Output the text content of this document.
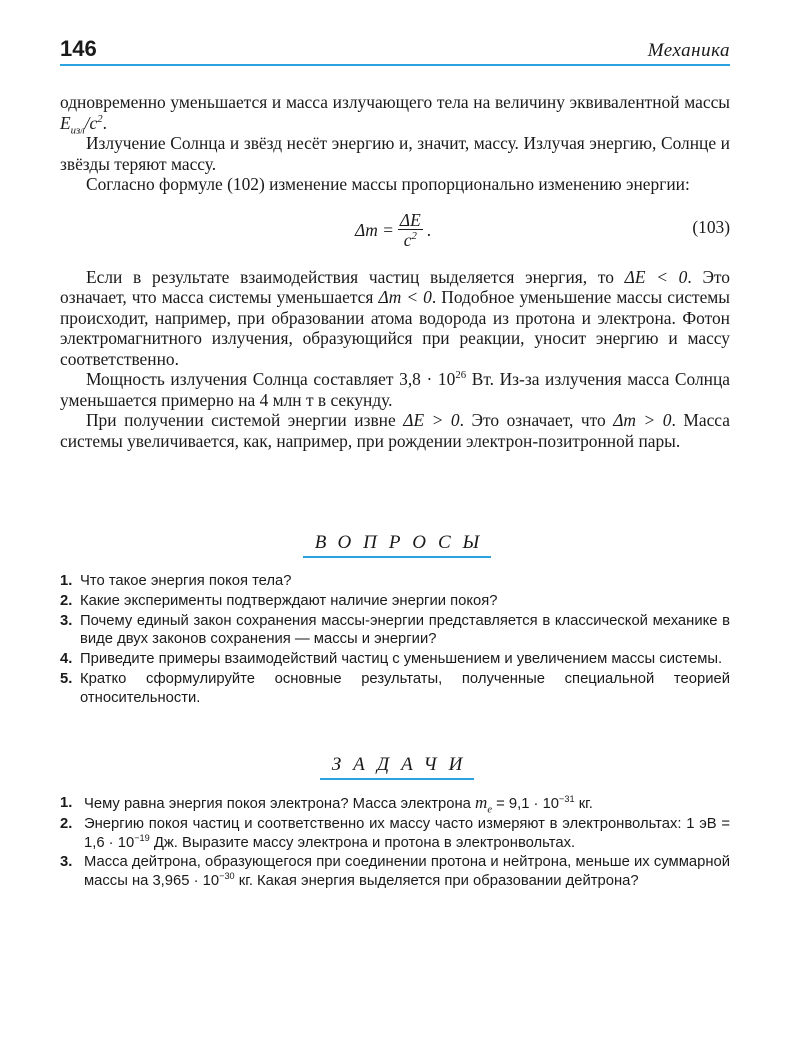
146	Механика

одновременно уменьшается и масса излучающего тела на величину эквивалентной массы $E_{изл}/c^2$.

Излучение Солнца и звёзд несёт энергию и, значит, массу. Излучая энергию, Солнце и звёзды теряют массу.

Согласно формуле (102) изменение массы пропорционально изменению энергии:

$\Delta m = \frac{\Delta E}{c^2}$ .	(103)

Если в результате взаимодействия частиц выделяется энергия, то ΔE < 0. Это означает, что масса системы уменьшается Δm < 0. Подобное уменьшение массы системы происходит, например, при образовании атома водорода из протона и электрона. Фотон электромагнитного излучения, образующийся при реакции, уносит энергию и массу соответственно.

Мощность излучения Солнца составляет $3,8 \cdot 10^{26}$ Вт. Из-за излучения масса Солнца уменьшается примерно на 4 млн т в секунду.

При получении системой энергии извне ΔE > 0. Это означает, что Δm > 0. Масса системы увеличивается, как, например, при рождении электрон-позитронной пары.

ВОПРОСЫ
1. Что такое энергия покоя тела?
2. Какие эксперименты подтверждают наличие энергии покоя?
3. Почему единый закон сохранения массы-энергии представляется в классической механике в виде двух законов сохранения — массы и энергии?
4. Приведите примеры взаимодействий частиц с уменьшением и увеличением массы системы.
5. Кратко сформулируйте основные результаты, полученные специальной теорией относительности.
ЗАДАЧИ
1. Чему равна энергия покоя электрона? Масса электрона $m_e = 9,1 \cdot 10^{-31}$ кг.
2. Энергию покоя частиц и соответственно их массу часто измеряют в электронвольтах: 1 эВ = $1,6 \cdot 10^{-19}$ Дж. Выразите массу электрона и протона в электронвольтах.
3. Масса дейтрона, образующегося при соединении протона и нейтрона, меньше их суммарной массы на $3,965 \cdot 10^{-30}$ кг. Какая энергия выделяется при образовании дейтрона?
